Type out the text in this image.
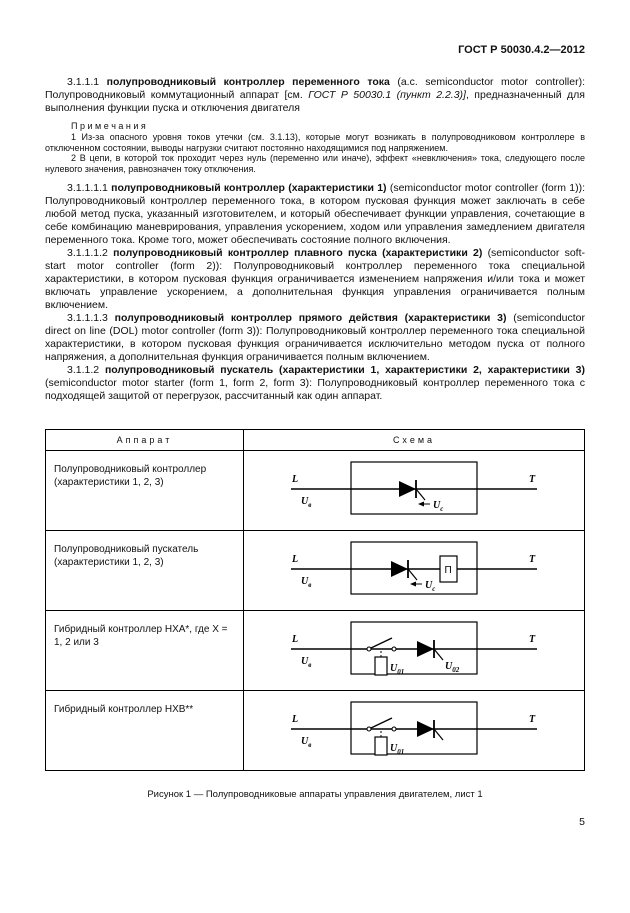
ГОСТ Р 50030.4.2—2012

3.1.1.1 полупроводниковый контроллер переменного тока (a.c. semiconductor motor controller): Полупроводниковый коммутационный аппарат [см. ГОСТ Р 50030.1 (пункт 2.2.3)], предназначенный для выполнения функции пуска и отключения двигателя

П р и м е ч а н и я

1 Из-за опасного уровня токов утечки (см. 3.1.13), которые могут возникать в полупроводниковом контроллере в отключенном состоянии, выводы нагрузки считают постоянно находящимися под напряжением.

2 В цепи, в которой ток проходит через нуль (переменно или иначе), эффект «невключения» тока, следующего после нулевого значения, равнозначен току отключения.

3.1.1.1.1 полупроводниковый контроллер (характеристики 1) (semiconductor motor controller (form 1)): Полупроводниковый контроллер переменного тока, в котором пусковая функция может заключать в себе любой метод пуска, указанный изготовителем, и который обеспечивает функции управления, сочетающие в себе комбинацию маневрирования, управления ускорением, ходом или управления замедлением двигателя переменного тока. Кроме того, может обеспечивать состояние полного включения.

3.1.1.1.2 полупроводниковый контроллер плавного пуска (характеристики 2) (semiconductor soft-start motor controller (form 2)): Полупроводниковый контроллер переменного тока специальной характеристики, в котором пусковая функция ограничивается изменением напряжения и/или тока и может включать управление ускорением, а дополнительная функция управления ограничивается полным включением.

3.1.1.1.3 полупроводниковый контроллер прямого действия (характеристики 3) (semiconductor direct on line (DOL) motor controller (form 3)): Полупроводниковый контроллер переменного тока специальной характеристики, в котором пусковая функция ограничивается исключительно методом пуска от полного напряжения, а дополнительная функция ограничивается полным включением.

3.1.1.2 полупроводниковый пускатель (характеристики 1, характеристики 2, характеристики 3) (semiconductor motor starter (form 1, form 2, form 3): Полупроводниковый контроллер переменного тока с подходящей защитой от перегрузок, рассчитанный как один аппарат.

Аппарат	Схема
Полупроводниковый контроллер (характеристики 1, 2, 3)	L Т
$U_в$ $U_c$

Полупроводниковый пускатель (характеристики 1, 2, 3)	L Т
$U_в$ $U_c$
П

Гибридный контроллер НХА*, где Х = 1, 2 или 3	L Т
$U_в$ $U_{01}$ $U_{02}$

Гибридный контроллер НХВ**	L Т
$U_в$ $U_{01}$
Рисунок 1 — Полупроводниковые аппараты управления двигателем, лист 1
5
